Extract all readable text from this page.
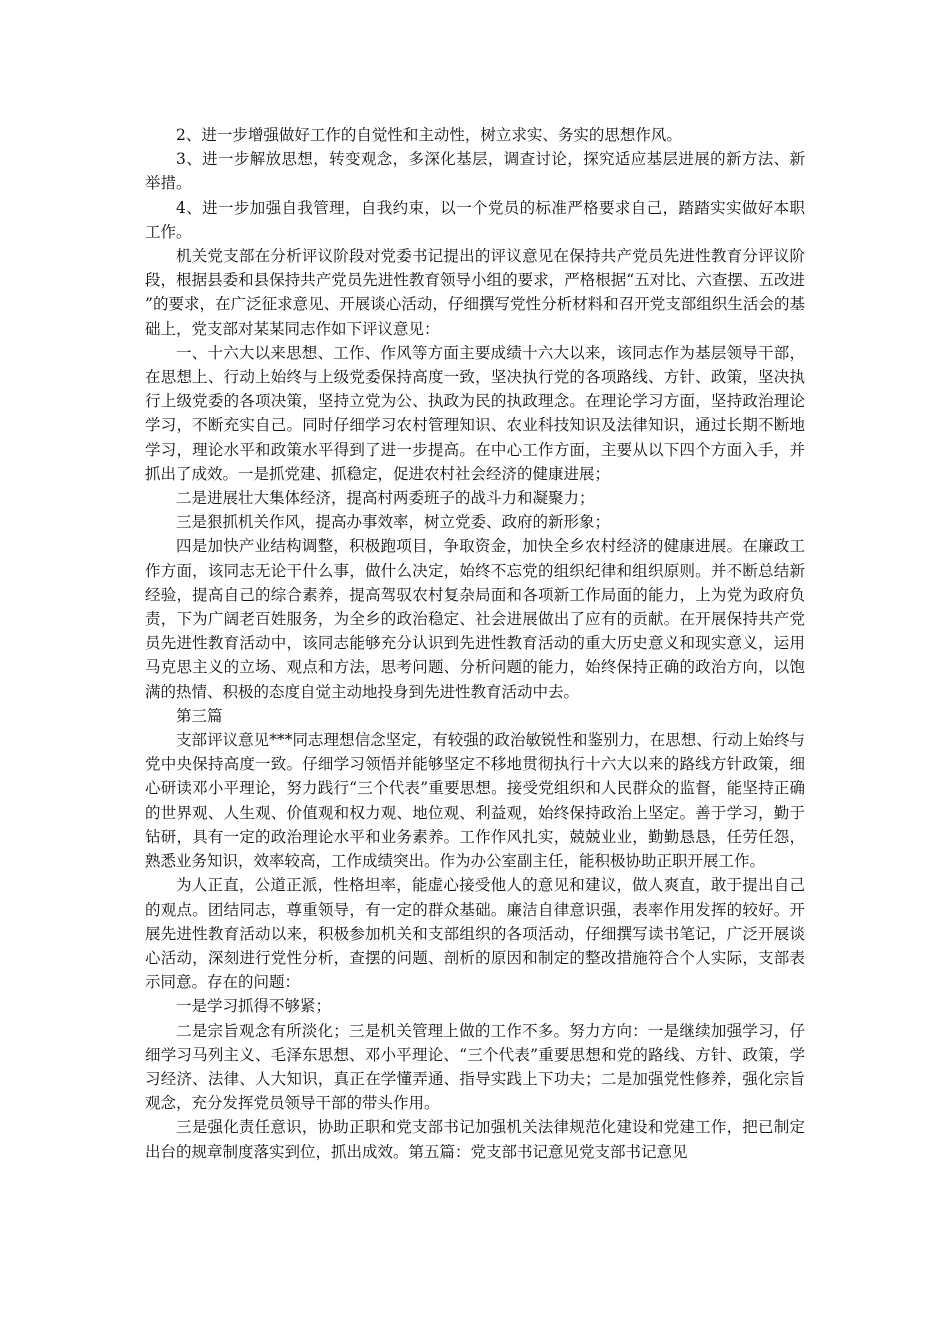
2、进一步增强做好工作的自觉性和主动性，树立求实、务实的思想作风。

3、进一步解放思想，转变观念，多深化基层，调查讨论，探究适应基层进展的新方法、新举措。

4、进一步加强自我管理，自我约束，以一个党员的标准严格要求自己，踏踏实实做好本职工作。

机关党支部在分析评议阶段对党委书记提出的评议意见在保持共产党员先进性教育分评议阶段，根据县委和县保持共产党员先进性教育领导小组的要求，严格根据“五对比、六查摆、五改进”的要求，在广泛征求意见、开展谈心活动，仔细撰写党性分析材料和召开党支部组织生活会的基础上，党支部对某某同志作如下评议意见：

一、十六大以来思想、工作、作风等方面主要成绩十六大以来，该同志作为基层领导干部，在思想上、行动上始终与上级党委保持高度一致，坚决执行党的各项路线、方针、政策，坚决执行上级党委的各项决策，坚持立党为公、执政为民的执政理念。在理论学习方面，坚持政治理论学习，不断充实自己。同时仔细学习农村管理知识、农业科技知识及法律知识，通过长期不断地学习，理论水平和政策水平得到了进一步提高。在中心工作方面，主要从以下四个方面入手，并抓出了成效。一是抓党建、抓稳定，促进农村社会经济的健康进展；

二是进展壮大集体经济，提高村两委班子的战斗力和凝聚力；

三是狠抓机关作风，提高办事效率，树立党委、政府的新形象；

四是加快产业结构调整，积极跑项目，争取资金，加快全乡农村经济的健康进展。在廉政工作方面，该同志无论干什么事，做什么决定，始终不忘党的组织纪律和组织原则。并不断总结新经验，提高自己的综合素养，提高驾驭农村复杂局面和各项新工作局面的能力，上为党为政府负责，下为广阔老百姓服务，为全乡的政治稳定、社会进展做出了应有的贡献。在开展保持共产党员先进性教育活动中，该同志能够充分认识到先进性教育活动的重大历史意义和现实意义，运用马克思主义的立场、观点和方法，思考问题、分析问题的能力，始终保持正确的政治方向，以饱满的热情、积极的态度自觉主动地投身到先进性教育活动中去。

第三篇

支部评议意见***同志理想信念坚定，有较强的政治敏锐性和鉴别力，在思想、行动上始终与党中央保持高度一致。仔细学习领悟并能够坚定不移地贯彻执行十六大以来的路线方针政策，细心研读邓小平理论，努力践行“三个代表”重要思想。接受党组织和人民群众的监督，能坚持正确的世界观、人生观、价值观和权力观、地位观、利益观，始终保持政治上坚定。善于学习，勤于钻研，具有一定的政治理论水平和业务素养。工作作风扎实，兢兢业业，勤勤恳恳，任劳任怨，熟悉业务知识，效率较高，工作成绩突出。作为办公室副主任，能积极协助正职开展工作。

为人正直，公道正派，性格坦率，能虚心接受他人的意见和建议，做人爽直，敢于提出自己的观点。团结同志，尊重领导，有一定的群众基础。廉洁自律意识强，表率作用发挥的较好。开展先进性教育活动以来，积极参加机关和支部组织的各项活动，仔细撰写读书笔记，广泛开展谈心活动，深刻进行党性分析，查摆的问题、剖析的原因和制定的整改措施符合个人实际，支部表示同意。存在的问题：

一是学习抓得不够紧；

二是宗旨观念有所淡化；三是机关管理上做的工作不多。努力方向：一是继续加强学习，仔细学习马列主义、毛泽东思想、邓小平理论、“三个代表”重要思想和党的路线、方针、政策，学习经济、法律、人大知识，真正在学懂弄通、指导实践上下功夫；二是加强党性修养，强化宗旨观念，充分发挥党员领导干部的带头作用。

三是强化责任意识，协助正职和党支部书记加强机关法律规范化建设和党建工作，把已制定出台的规章制度落实到位，抓出成效。第五篇：党支部书记意见党支部书记意见
